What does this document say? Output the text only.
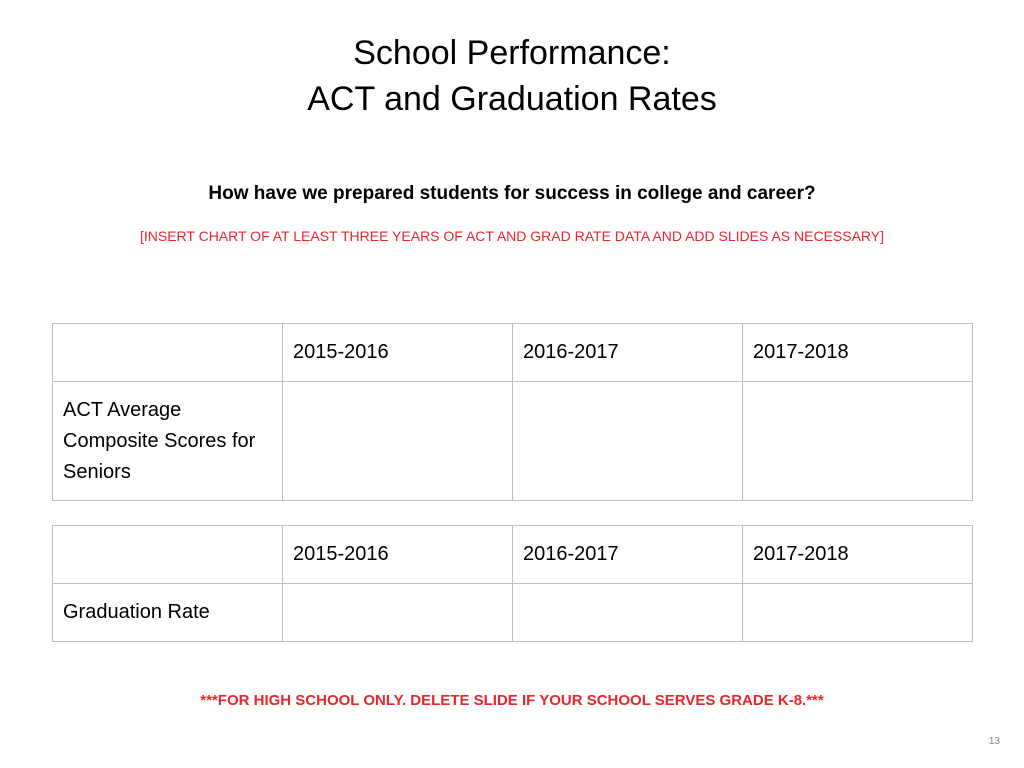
School Performance:
ACT and Graduation Rates
How have we prepared students for success in college and career?
[INSERT CHART OF AT LEAST THREE YEARS OF ACT AND GRAD RATE DATA AND ADD SLIDES AS NECESSARY]
	2015-2016	2016-2017	2017-2018
ACT Average Composite Scores for Seniors			
	2015-2016	2016-2017	2017-2018
Graduation Rate			
***FOR HIGH SCHOOL ONLY. DELETE SLIDE IF YOUR SCHOOL SERVES GRADE K-8.***
13
